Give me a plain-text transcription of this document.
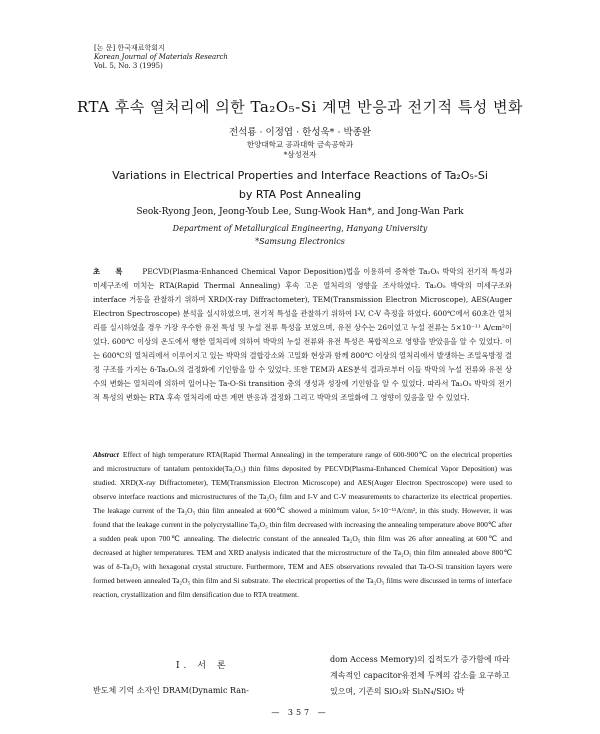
[논 문] 한국재료학회지
Korean Journal of Materials Research
Vol. 5, No. 3 (1995)
RTA 후속 열처리에 의한 Ta₂O₅-Si 계면 반응과 전기적 특성 변화
전석룡 · 이정엽 · 한성욱* · 박종완
한양대학교 공과대학 금속공학과
*삼성전자
Variations in Electrical Properties and Interface Reactions of Ta₂O₅-Si
by RTA Post Annealing
Seok-Ryong Jeon, Jeong-Youb Lee, Sung-Wook Han*, and Jong-Wan Park
Department of Metallurgical Engineering, Hanyang University
*Samsung Electronics
초 록 PECVD(Plasma-Enhanced Chemical Vapor Deposition)법을 이용하여 증착한 Ta₂O₅ 박막의 전기적 특성과 미세구조에 미치는 RTA(Rapid Thermal Annealing) 후속 고온 열처리의 영향을 조사하였다. Ta₂O₅ 박막의 미세구조와 interface 거동을 관찰하기 위하여 XRD(X-ray Diffractometer), TEM(Transmission Electron Microscope), AES(Auger Electron Spectroscope) 분석을 실시하였으며, 전기적 특성을 관찰하기 위하여 I-V, C-V 측정을 하였다. 600℃에서 60초간 열처리를 실시하였을 경우 가장 우수한 유전 특성 및 누설 전류 특성을 보였으며, 유전 상수는 26이었고 누설 전류는 5×10⁻¹¹ A/cm²이었다. 600℃ 이상의 온도에서 행한 열처리에 의하여 박막의 누설 전류와 유전 특성은 복합적으로 영향을 받았음을 알 수 있었다. 이는 600℃의 열처리에서 이루어지고 있는 박막의 결합강소와 고밀화 현상과 함께 800℃ 이상의 열처리에서 발생하는 조밀육방정 결정 구조를 가지는 δ-Ta₂O₅의 결정화에 기인함을 알 수 있었다. 또한 TEM과 AES분석 결과로부터 이들 박막의 누설 전류와 유전 상수의 변화는 열처리에 의하여 일어나는 Ta-O-Si transition 층의 생성과 성장에 기인함을 알 수 있었다. 따라서 Ta₂O₅ 박막의 전기적 특성의 변화는 RTA 후속 열처리에 따른 계면 반응과 결정화 그리고 박막의 조밀화에 그 영향이 있음을 알 수 있었다.
Abstract Effect of high temperature RTA(Rapid Thermal Annealing) in the temperature range of 600-900℃ on the electrical properties and microstructure of tantalum pentoxide(Ta₂O₅) thin films deposited by PECVD(Plasma-Enhanced Chemical Vapor Deposition) was studied. XRD(X-ray Diffractometer), TEM(Transmission Electron Microscope) and AES(Auger Electron Spectroscope) were used to observe interface reactions and microstructures of the Ta₂O₅ film and I-V and C-V measurements to characterize its electrical properties. The leakage current of the Ta₂O₅ thin film annealed at 600℃ showed a minimum value, 5×10⁻¹¹A/cm², in this study. However, it was found that the leakage current in the polycrystalline Ta₂O₅ thin film decreased with increasing the annealing temperature above 800℃ after a sudden peak upon 700℃ annealing. The dielectric constant of the annealed Ta₂O₅ thin film was 26 after annealing at 600℃ and decreased at higher temperatures. TEM and XRD analysis indicated that the microstructure of the Ta₂O₅ thin film annealed above 800℃ was of δ-Ta₂O₅ with hexagonal crystal structure. Furthermore, TEM and AES observations revealed that Ta-O-Si transition layers were formed between annealed Ta₂O₅ thin film and Si substrate. The electrical properties of the Ta₂O₅ films were discussed in terms of interface reaction, crystallization and film densification due to RTA treatment.
Ⅰ. 서 론
반도체 기억 소자인 DRAM(Dynamic Ran-
dom Access Memory)의 집적도가 증가함에 따라 계속적인 capacitor유전체 두께의 감소를 요구하고 있으며, 기존의 SiO₂와 Si₃N₄/SiO₂ 박
— 357 —
